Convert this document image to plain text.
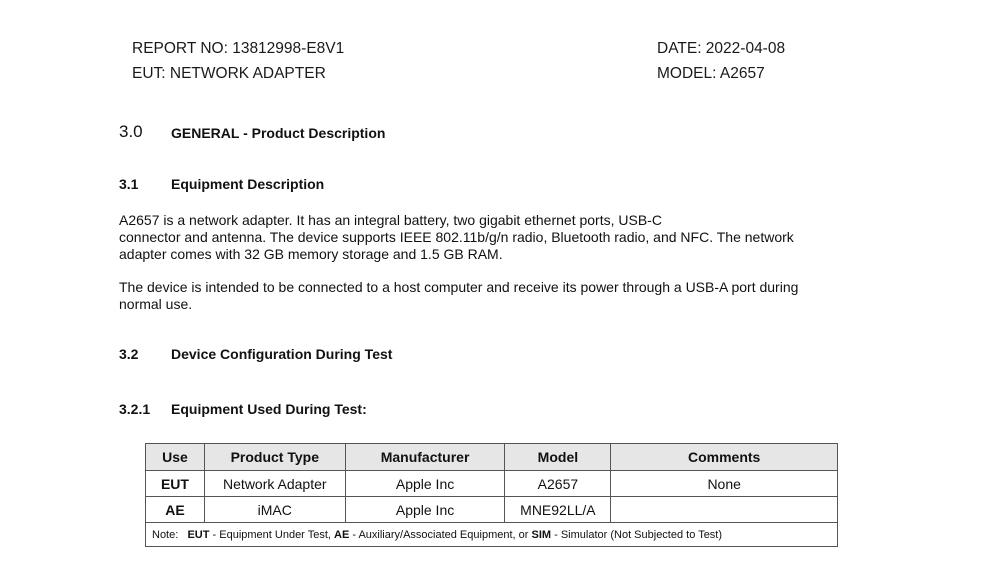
REPORT NO: 13812998-E8V1
EUT: NETWORK ADAPTER
DATE: 2022-04-08
MODEL: A2657
3.0 GENERAL - Product Description
3.1 Equipment Description
A2657 is a network adapter. It has an integral battery, two gigabit ethernet ports, USB-C
connector and antenna. The device supports IEEE 802.11b/g/n radio, Bluetooth radio, and NFC. The network
adapter comes with 32 GB memory storage and 1.5 GB RAM.
The device is intended to be connected to a host computer and receive its power through a USB-A port during
normal use.
3.2 Device Configuration During Test
3.2.1 Equipment Used During Test:
Use	Product Type	Manufacturer	Model	Comments
EUT	Network Adapter	Apple Inc	A2657	None
AE	iMAC	Apple Inc	MNE92LL/A	
Note: EUT - Equipment Under Test, AE - Auxiliary/Associated Equipment, or SIM - Simulator (Not Subjected to Test)				
